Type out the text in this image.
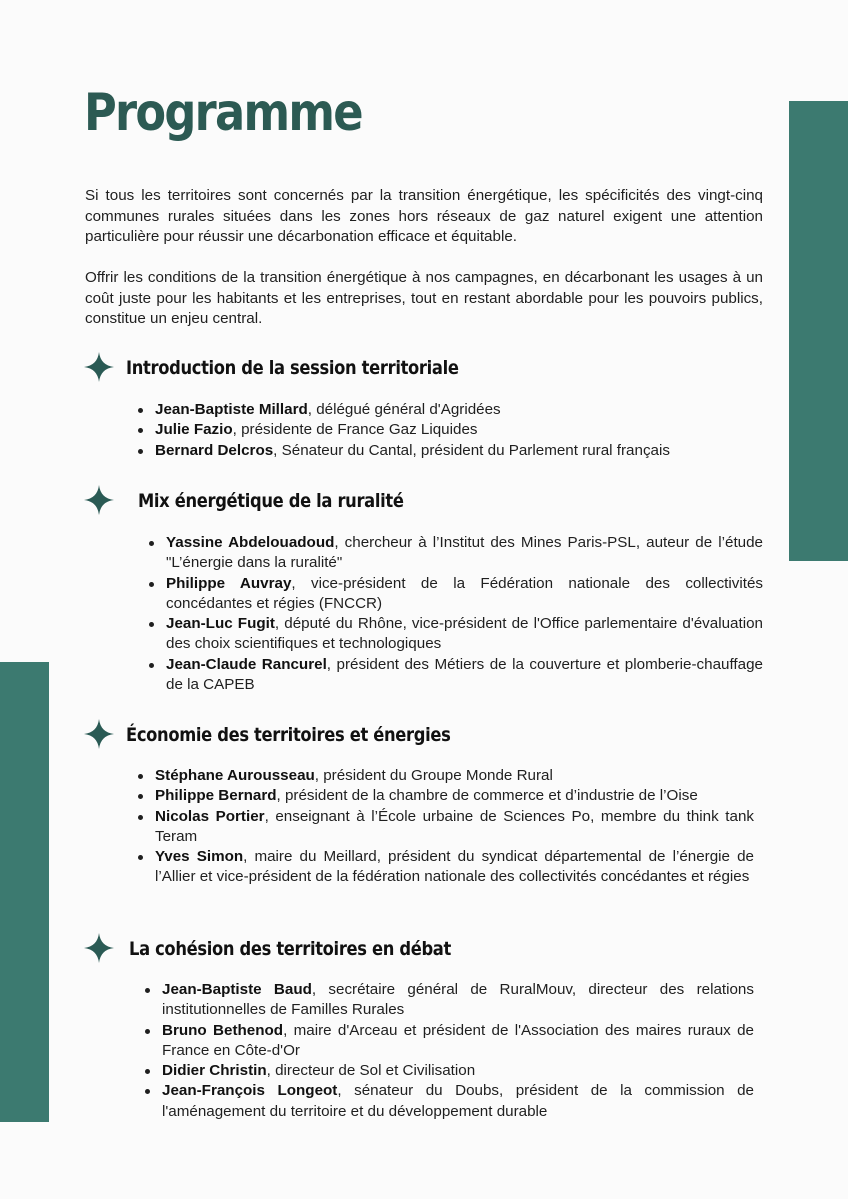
Programme

Si tous les territoires sont concernés par la transition énergétique, les spécificités des vingt-cinq communes rurales situées dans les zones hors réseaux de gaz naturel exigent une attention particulière pour réussir une décarbonation efficace et équitable.

Offrir les conditions de la transition énergétique à nos campagnes, en décarbonant les usages à un coût juste pour les habitants et les entreprises, tout en restant abordable pour les pouvoirs publics, constitue un enjeu central.

Introduction de la session territoriale
Jean-Baptiste Millard, délégué général d'Agridées
Julie Fazio, présidente de France Gaz Liquides
Bernard Delcros, Sénateur du Cantal, président du Parlement rural français
Mix énergétique de la ruralité
Yassine Abdelouadoud, chercheur à l’Institut des Mines Paris-PSL, auteur de l’étude "L’énergie dans la ruralité"
Philippe Auvray, vice-président de la Fédération nationale des collectivités concédantes et régies (FNCCR)
Jean-Luc Fugit, député du Rhône, vice-président de l'Office parlementaire d'évaluation des choix scientifiques et technologiques
Jean-Claude Rancurel, président des Métiers de la couverture et plomberie-chauffage de la CAPEB
Économie des territoires et énergies
Stéphane Aurousseau, président du Groupe Monde Rural
Philippe Bernard, président de la chambre de commerce et d’industrie de l’Oise
Nicolas Portier, enseignant à l’École urbaine de Sciences Po, membre du think tank Teram
Yves Simon, maire du Meillard, président du syndicat départemental de l’énergie de l’Allier et vice-président de la fédération nationale des collectivités concédantes et régies
La cohésion des territoires en débat
Jean-Baptiste Baud, secrétaire général de RuralMouv, directeur des relations institutionnelles de Familles Rurales
Bruno Bethenod, maire d'Arceau et président de l'Association des maires ruraux de France en Côte-d'Or
Didier Christin, directeur de Sol et Civilisation
Jean-François Longeot, sénateur du Doubs, président de la commission de l'aménagement du territoire et du développement durable
